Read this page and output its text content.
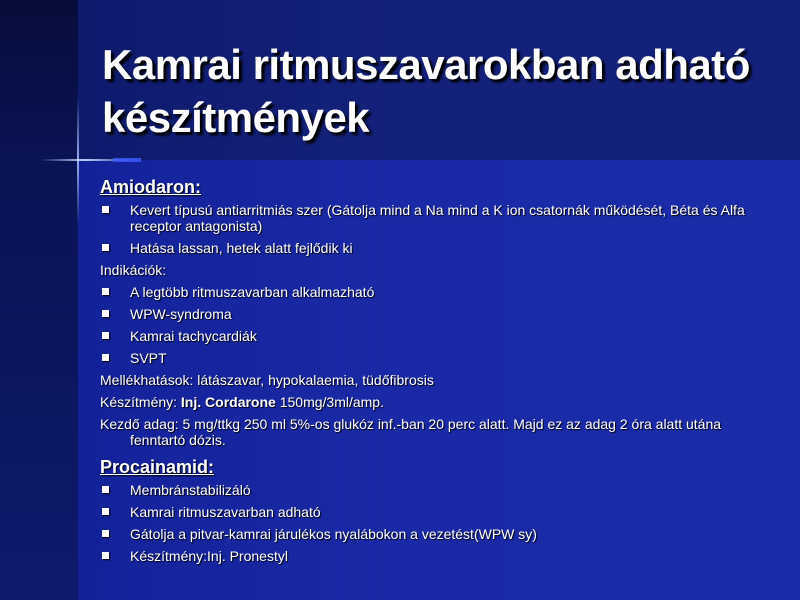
Kamrai ritmuszavarokban adható készítmények
Amiodaron:
Kevert típusú antiarritmiás szer (Gátolja mind a Na mind a K ion csatornák működését, Béta és Alfa receptor antagonista)
Hatása lassan, hetek alatt fejlődik ki
Indikációk:
A legtöbb ritmuszavarban alkalmazható
WPW-syndroma
Kamrai tachycardiák
SVPT
Mellékhatások: látászavar, hypokalaemia, tüdőfibrosis
Készítmény: Inj. Cordarone 150mg/3ml/amp.
Kezdő adag: 5 mg/ttkg 250 ml 5%-os glukóz inf.-ban 20 perc alatt. Majd ez az adag 2 óra alatt utána fenntartó dózis.
Procainamid:
Membránstabilizáló
Kamrai ritmuszavarban adható
Gátolja a pitvar-kamrai járulékos nyalábokon a vezetést(WPW sy)
Készítmény:Inj. Pronestyl
